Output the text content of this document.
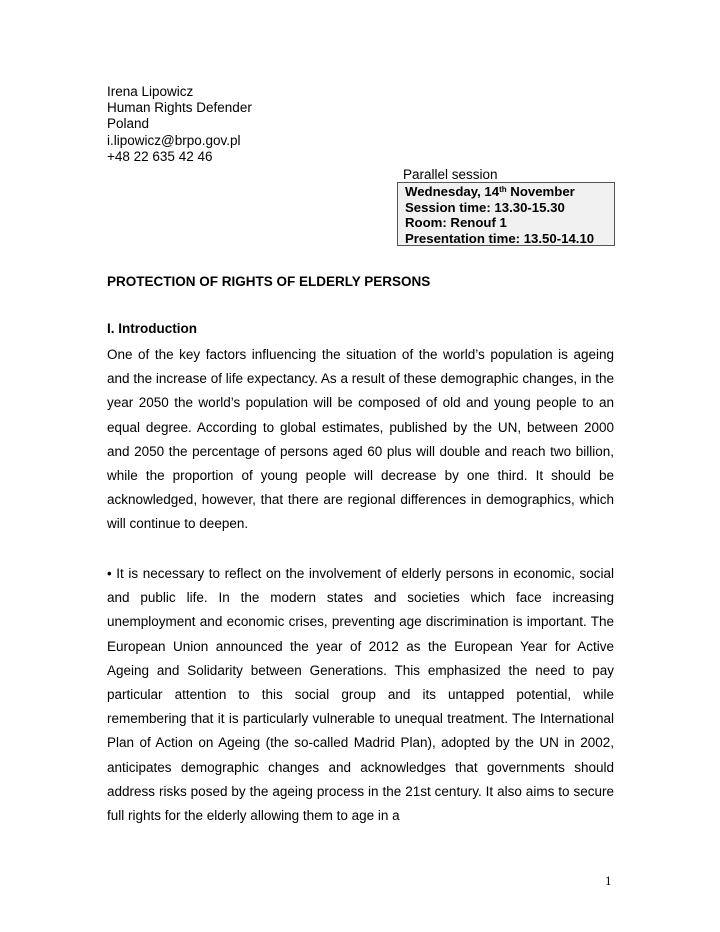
Irena Lipowicz
Human Rights Defender
Poland
i.lipowicz@brpo.gov.pl
+48 22 635 42 46
Parallel session
Wednesday, 14th November
Session time: 13.30-15.30
Room: Renouf 1
Presentation time: 13.50-14.10
PROTECTION OF RIGHTS OF ELDERLY PERSONS
I. Introduction
One of the key factors influencing the situation of the world’s population is ageing and the increase of life expectancy. As a result of these demographic changes, in the year 2050 the world’s population will be composed of old and young people to an equal degree. According to global estimates, published by the UN, between 2000 and 2050 the percentage of persons aged 60 plus will double and reach two billion, while the proportion of young people will decrease by one third. It should be acknowledged, however, that there are regional differences in demographics, which will continue to deepen.
• It is necessary to reflect on the involvement of elderly persons in economic, social and public life. In the modern states and societies which face increasing unemployment and economic crises, preventing age discrimination is important. The European Union announced the year of 2012 as the European Year for Active Ageing and Solidarity between Generations. This emphasized the need to pay particular attention to this social group and its untapped potential, while remembering that it is particularly vulnerable to unequal treatment. The International Plan of Action on Ageing (the so-called Madrid Plan), adopted by the UN in 2002, anticipates demographic changes and acknowledges that governments should address risks posed by the ageing process in the 21st century. It also aims to secure full rights for the elderly allowing them to age in a
1
